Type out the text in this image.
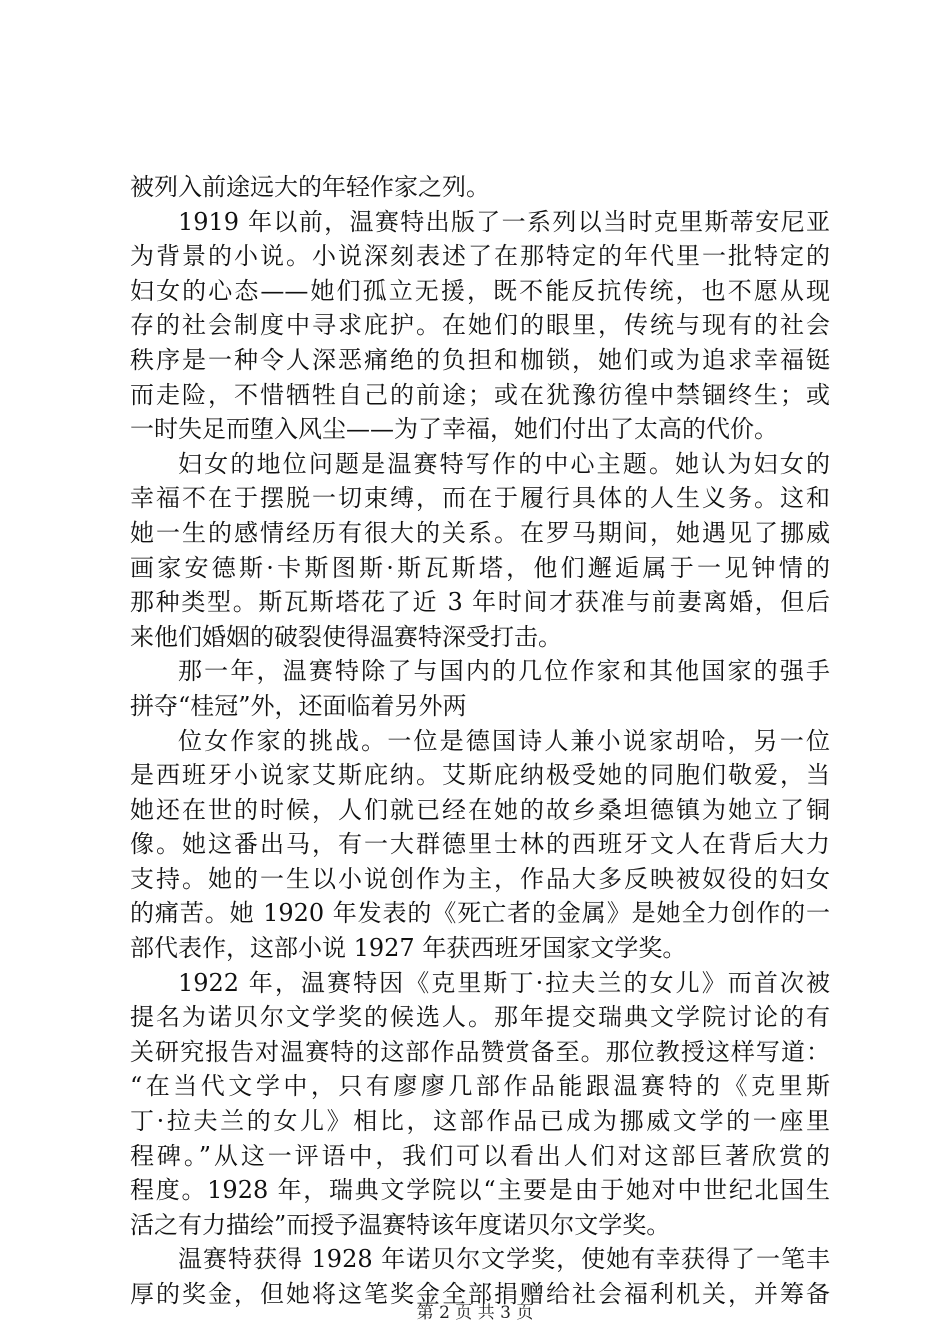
被列入前途远大的年轻作家之列。
1919 年以前，温赛特出版了一系列以当时克里斯蒂安尼亚
为背景的小说。小说深刻表述了在那特定的年代里一批特定的
妇女的心态——她们孤立无援，既不能反抗传统，也不愿从现
存的社会制度中寻求庇护。在她们的眼里，传统与现有的社会
秩序是一种令人深恶痛绝的负担和枷锁，她们或为追求幸福铤
而走险，不惜牺牲自己的前途；或在犹豫彷徨中禁锢终生；或
一时失足而堕入风尘——为了幸福，她们付出了太高的代价。
妇女的地位问题是温赛特写作的中心主题。她认为妇女的
幸福不在于摆脱一切束缚，而在于履行具体的人生义务。这和
她一生的感情经历有很大的关系。在罗马期间，她遇见了挪威
画家安德斯·卡斯图斯·斯瓦斯塔，他们邂逅属于一见钟情的
那种类型。斯瓦斯塔花了近 3 年时间才获准与前妻离婚，但后
来他们婚姻的破裂使得温赛特深受打击。
那一年，温赛特除了与国内的几位作家和其他国家的强手
拼夺“桂冠”外，还面临着另外两
位女作家的挑战。一位是德国诗人兼小说家胡哈，另一位
是西班牙小说家艾斯庇纳。艾斯庇纳极受她的同胞们敬爱，当
她还在世的时候，人们就已经在她的故乡桑坦德镇为她立了铜
像。她这番出马，有一大群德里士林的西班牙文人在背后大力
支持。她的一生以小说创作为主，作品大多反映被奴役的妇女
的痛苦。她 1920 年发表的《死亡者的金属》是她全力创作的一
部代表作，这部小说 1927 年获西班牙国家文学奖。
1922 年，温赛特因《克里斯丁·拉夫兰的女儿》而首次被
提名为诺贝尔文学奖的候选人。那年提交瑞典文学院讨论的有
关研究报告对温赛特的这部作品赞赏备至。那位教授这样写道：
“在当代文学中，只有廖廖几部作品能跟温赛特的《克里斯
丁·拉夫兰的女儿》相比，这部作品已成为挪威文学的一座里
程碑。”从这一评语中，我们可以看出人们对这部巨著欣赏的
程度。1928 年，瑞典文学院以“主要是由于她对中世纪北国生
活之有力描绘”而授予温赛特该年度诺贝尔文学奖。
温赛特获得 1928 年诺贝尔文学奖，使她有幸获得了一笔丰
厚的奖金，但她将这笔奖金全部捐赠给社会福利机关，并筹备
第 2 页 共 3 页
